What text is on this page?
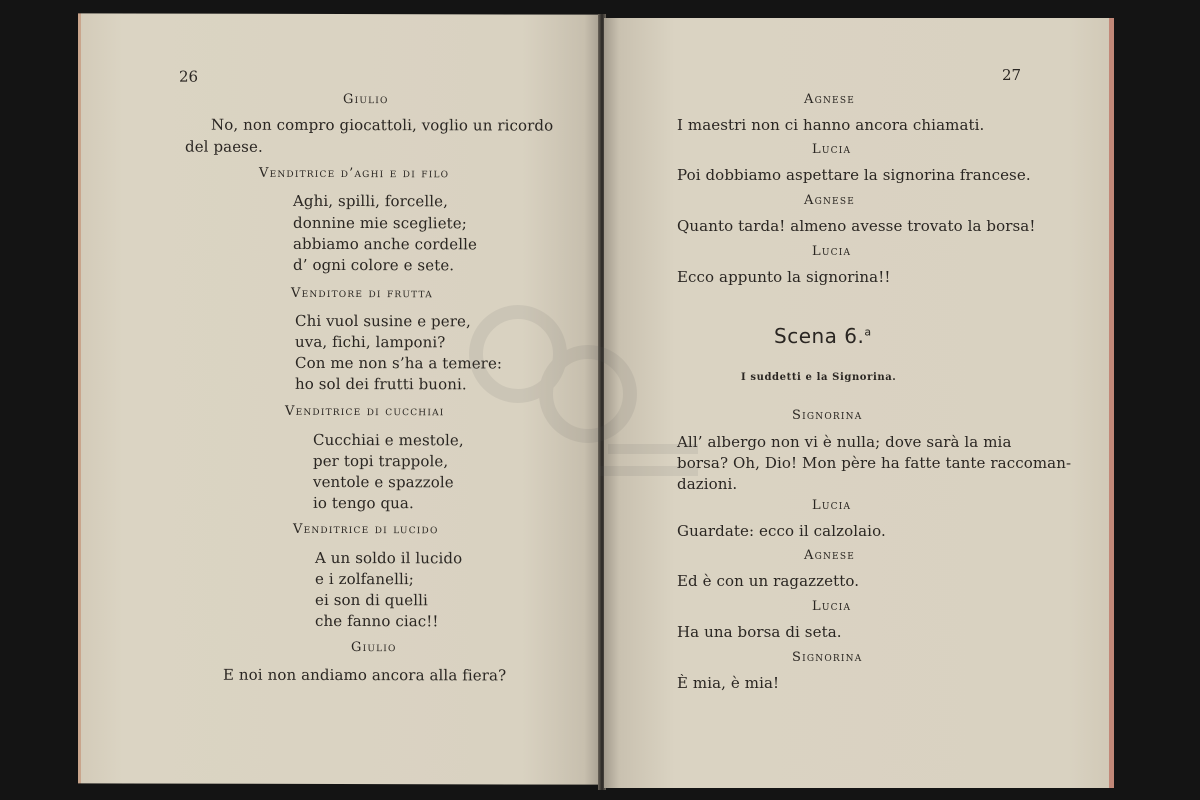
26
Giulio
No, non compro giocattoli, voglio un ricordo
del paese.
Venditrice d’aghi e di filo
Aghi, spilli, forcelle,
donnine mie scegliete;
abbiamo anche cordelle
d’ ogni colore e sete.
Venditore di frutta
Chi vuol susine e pere,
uva, fichi, lamponi?
Con me non s’ha a temere:
ho sol dei frutti buoni.
Venditrice di cucchiai
Cucchiai e mestole,
per topi trappole,
ventole e spazzole
io tengo qua.
Venditrice di lucido
A un soldo il lucido
e i zolfanelli;
ei son di quelli
che fanno ciac!!
Giulio
E noi non andiamo ancora alla fiera?
27
Agnese
I maestri non ci hanno ancora chiamati.
Lucia
Poi dobbiamo aspettare la signorina francese.
Agnese
Quanto tarda! almeno avesse trovato la borsa!
Lucia
Ecco appunto la signorina!!
Scena 6.$^a$
I suddetti e la Signorina.
Signorina
All’ albergo non vi è nulla; dove sarà la mia
borsa? Oh, Dio! Mon père ha fatte tante raccoman-
dazioni.
Lucia
Guardate: ecco il calzolaio.
Agnese
Ed è con un ragazzetto.
Lucia
Ha una borsa di seta.
Signorina
È mia, è mia!
